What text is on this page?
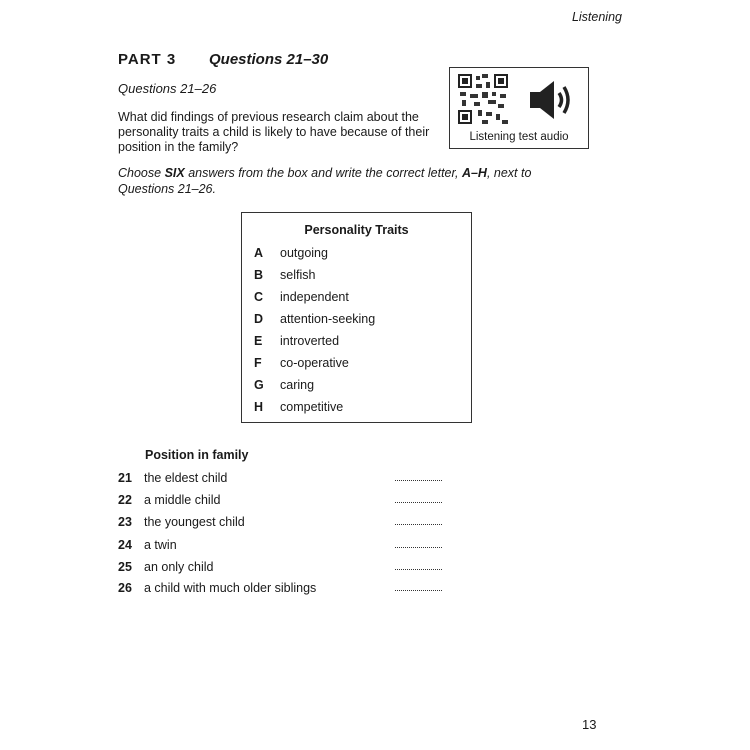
Listening
PART 3 Questions 21–30
Questions 21–26
What did findings of previous research claim about the personality traits a child is likely to have because of their position in the family?
Choose SIX answers from the box and write the correct letter, A–H, next to Questions 21–26.
Listening test audio
Personality Traits
A outgoing
B selfish
C independent
D attention-seeking
E introverted
F co-operative
G caring
H competitive
Position in family
21 the eldest child
22 a middle child
23 the youngest child
24 a twin
25 an only child
26 a child with much older siblings
13
